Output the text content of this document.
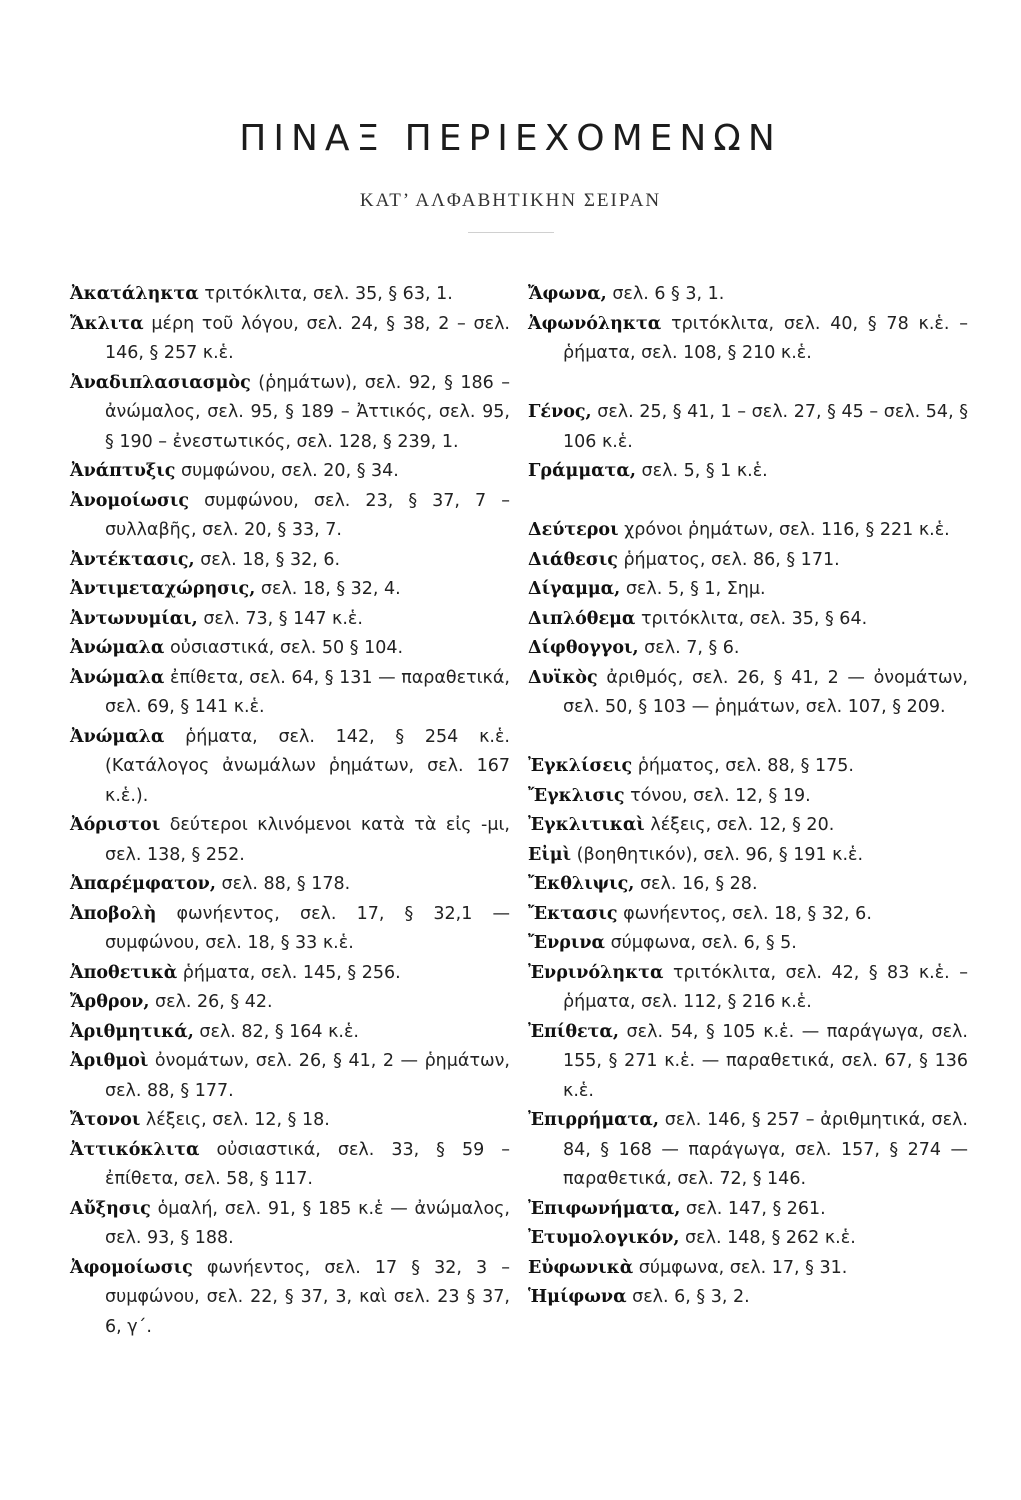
ΠΙΝΑΞ ΠΕΡΙΕΧΟΜΕΝΩΝ
ΚΑΤ’ ΑΛΦΑΒΗΤΙΚΗΝ ΣΕΙΡΑΝ
Ἀκατάληκτα τριτόκλιτα, σελ. 35, § 63, 1.
Ἄκλιτα μέρη τοῦ λόγου, σελ. 24, § 38, 2 – σελ. 146, § 257 κ.ἑ.
Ἀναδιπλασιασμὸς (ῥημάτων), σελ. 92, § 186 – ἀνώμαλος, σελ. 95, § 189 – Ἀττικός, σελ. 95, § 190 – ἐνεστωτικός, σελ. 128, § 239, 1.
Ἀνάπτυξις συμφώνου, σελ. 20, § 34.
Ἀνομοίωσις συμφώνου, σελ. 23, § 37, 7 – συλλαβῆς, σελ. 20, § 33, 7.
Ἀντέκτασις, σελ. 18, § 32, 6.
Ἀντιμεταχώρησις, σελ. 18, § 32, 4.
Ἀντωνυμίαι, σελ. 73, § 147 κ.ἑ.
Ἀνώμαλα οὐσιαστικά, σελ. 50 § 104.
Ἀνώμαλα ἐπίθετα, σελ. 64, § 131 — παραθετικά, σελ. 69, § 141 κ.ἑ.
Ἀνώμαλα ῥήματα, σελ. 142, § 254 κ.ἑ. (Κατάλογος ἀνωμάλων ῥημάτων, σελ. 167 κ.ἑ.).
Ἀόριστοι δεύτεροι κλινόμενοι κατὰ τὰ εἰς -μι, σελ. 138, § 252.
Ἀπαρέμφατον, σελ. 88, § 178.
Ἀποβολὴ φωνήεντος, σελ. 17, § 32,1 — συμφώνου, σελ. 18, § 33 κ.ἑ.
Ἀποθετικὰ ῥήματα, σελ. 145, § 256.
Ἄρθρον, σελ. 26, § 42.
Ἀριθμητικά, σελ. 82, § 164 κ.ἑ.
Ἀριθμοὶ ὀνομάτων, σελ. 26, § 41, 2 — ῥημάτων, σελ. 88, § 177.
Ἄτονοι λέξεις, σελ. 12, § 18.
Ἀττικόκλιτα οὐσιαστικά, σελ. 33, § 59 – ἐπίθετα, σελ. 58, § 117.
Αὔξησις ὁμαλή, σελ. 91, § 185 κ.ἑ — ἀνώμαλος, σελ. 93, § 188.
Ἀφομοίωσις φωνήεντος, σελ. 17 § 32, 3 – συμφώνου, σελ. 22, § 37, 3, καὶ σελ. 23 § 37, 6, γ΄.
Ἄφωνα, σελ. 6 § 3, 1.
Ἀφωνόληκτα τριτόκλιτα, σελ. 40, § 78 κ.ἑ. – ῥήματα, σελ. 108, § 210 κ.ἑ.
Γένος, σελ. 25, § 41, 1 – σελ. 27, § 45 – σελ. 54, § 106 κ.ἑ.
Γράμματα, σελ. 5, § 1 κ.ἑ.
Δεύτεροι χρόνοι ῥημάτων, σελ. 116, § 221 κ.ἑ.
Διάθεσις ῥήματος, σελ. 86, § 171.
Δίγαμμα, σελ. 5, § 1, Σημ.
Διπλόθεμα τριτόκλιτα, σελ. 35, § 64.
Δίφθογγοι, σελ. 7, § 6.
Δυϊκὸς ἀριθμός, σελ. 26, § 41, 2 — ὀνομάτων, σελ. 50, § 103 — ῥημάτων, σελ. 107, § 209.
Ἐγκλίσεις ῥήματος, σελ. 88, § 175.
Ἔγκλισις τόνου, σελ. 12, § 19.
Ἐγκλιτικαὶ λέξεις, σελ. 12, § 20.
Εἰμὶ (βοηθητικόν), σελ. 96, § 191 κ.ἑ.
Ἔκθλιψις, σελ. 16, § 28.
Ἔκτασις φωνήεντος, σελ. 18, § 32, 6.
Ἔνρινα σύμφωνα, σελ. 6, § 5.
Ἐνρινόληκτα τριτόκλιτα, σελ. 42, § 83 κ.ἑ. – ῥήματα, σελ. 112, § 216 κ.ἑ.
Ἐπίθετα, σελ. 54, § 105 κ.ἑ. — παράγωγα, σελ. 155, § 271 κ.ἑ. — παραθετικά, σελ. 67, § 136 κ.ἑ.
Ἐπιρρήματα, σελ. 146, § 257 – ἀριθμητικά, σελ. 84, § 168 — παράγωγα, σελ. 157, § 274 — παραθετικά, σελ. 72, § 146.
Ἐπιφωνήματα, σελ. 147, § 261.
Ἐτυμολογικόν, σελ. 148, § 262 κ.ἑ.
Εὐφωνικὰ σύμφωνα, σελ. 17, § 31.
Ἡμίφωνα σελ. 6, § 3, 2.
